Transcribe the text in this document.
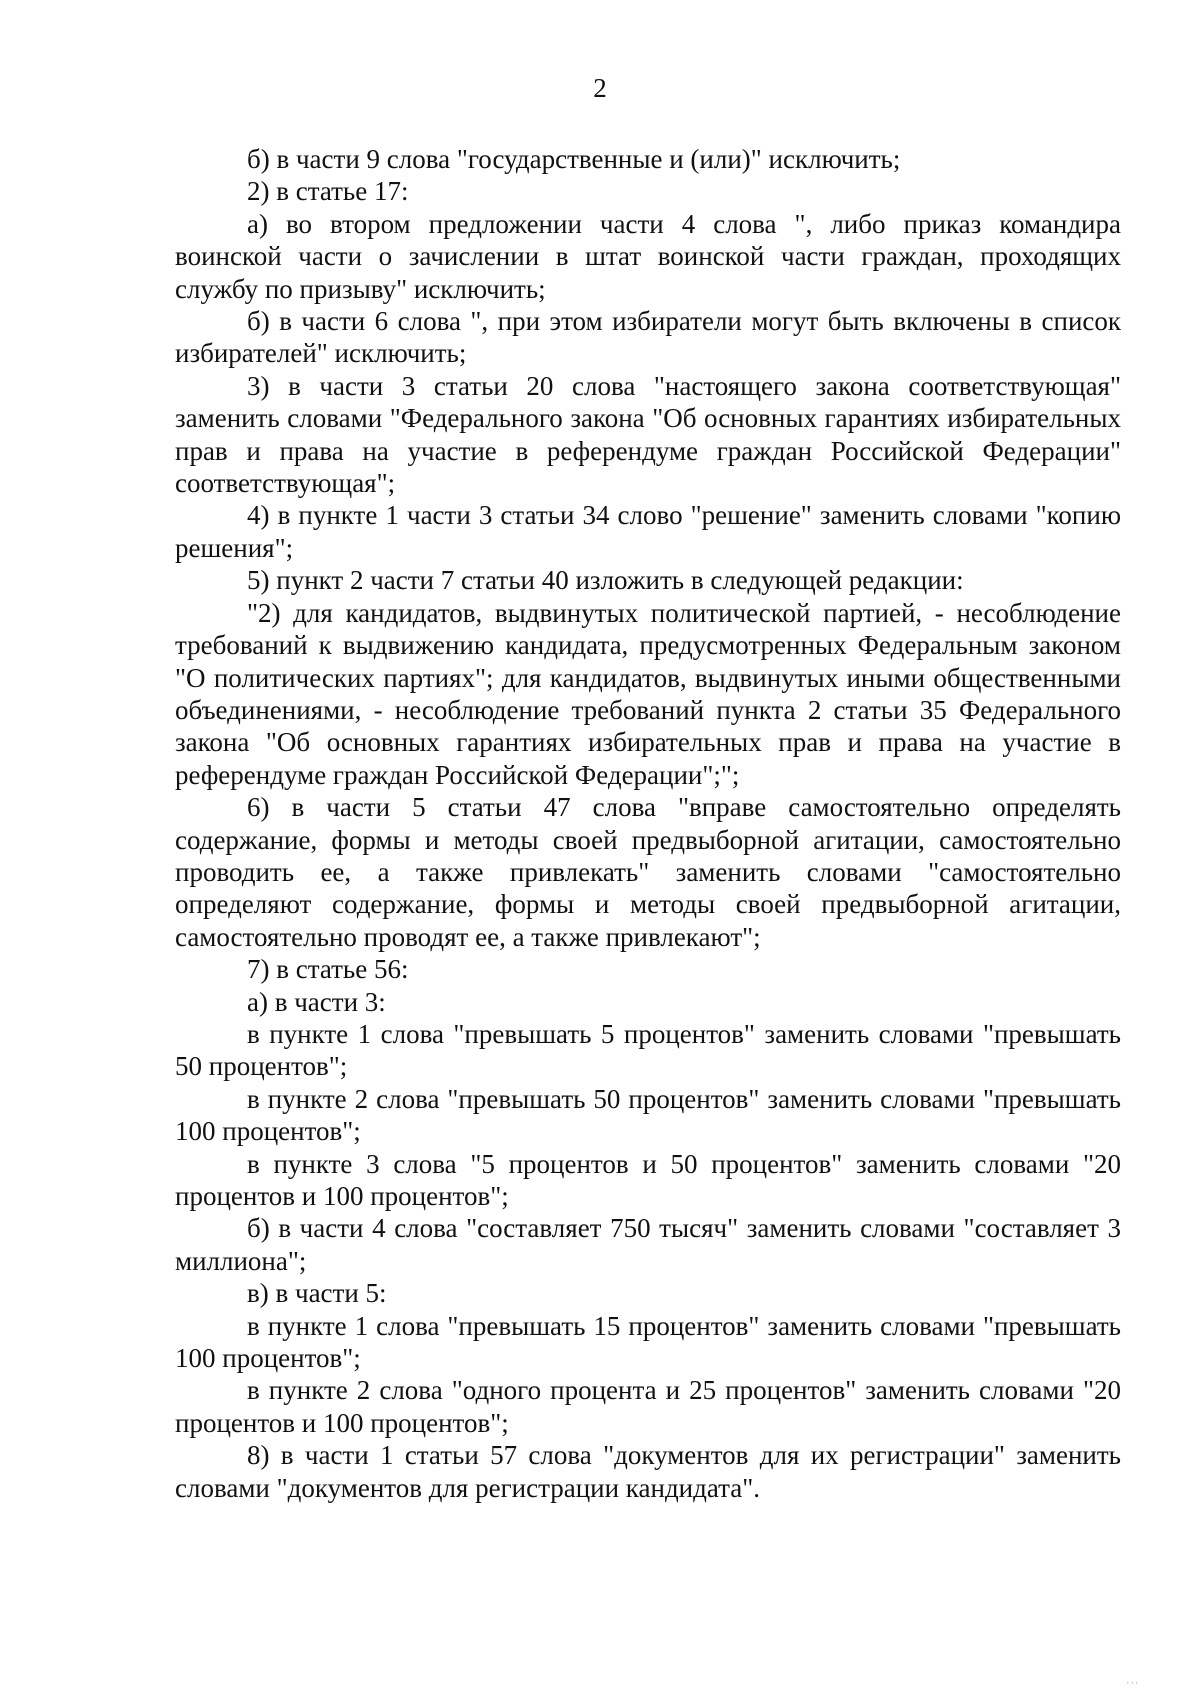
2

б) в части 9 слова "государственные и (или)" исключить;

2) в статье 17:

а) во втором предложении части 4 слова ", либо приказ командира воинской части о зачислении в штат воинской части граждан, проходящих службу по призыву" исключить;

б) в части 6 слова ", при этом избиратели могут быть включены в список избирателей" исключить;

3) в части 3 статьи 20 слова "настоящего закона соответствующая" заменить словами "Федерального закона "Об основных гарантиях избирательных прав и права на участие в референдуме граждан Российской Федерации" соответствующая";

4) в пункте 1 части 3 статьи 34 слово "решение" заменить словами "копию решения";

5) пункт 2 части 7 статьи 40 изложить в следующей редакции:

"2) для кандидатов, выдвинутых политической партией, - несоблюдение требований к выдвижению кандидата, предусмотренных Федеральным законом "О политических партиях"; для кандидатов, выдвинутых иными общественными объединениями, - несоблюдение требований пункта 2 статьи 35 Федерального закона "Об основных гарантиях избирательных прав и права на участие в референдуме граждан Российской Федерации";";

6) в части 5 статьи 47 слова "вправе самостоятельно определять содержание, формы и методы своей предвыборной агитации, самостоятельно проводить ее, а также привлекать" заменить словами "самостоятельно определяют содержание, формы и методы своей предвыборной агитации, самостоятельно проводят ее, а также привлекают";

7) в статье 56:

а) в части 3:

в пункте 1 слова "превышать 5 процентов" заменить словами "превышать 50 процентов";

в пункте 2 слова "превышать 50 процентов" заменить словами "превышать 100 процентов";

в пункте 3 слова "5 процентов и 50 процентов" заменить словами "20 процентов и 100 процентов";

б) в части 4 слова "составляет 750 тысяч" заменить словами "составляет 3 миллиона";

в) в части 5:

в пункте 1 слова "превышать 15 процентов" заменить словами "превышать 100 процентов";

в пункте 2 слова "одного процента и 25 процентов" заменить словами "20 процентов и 100 процентов";

8) в части 1 статьи 57 слова "документов для их регистрации" заменить словами "документов для регистрации кандидата".

'''
